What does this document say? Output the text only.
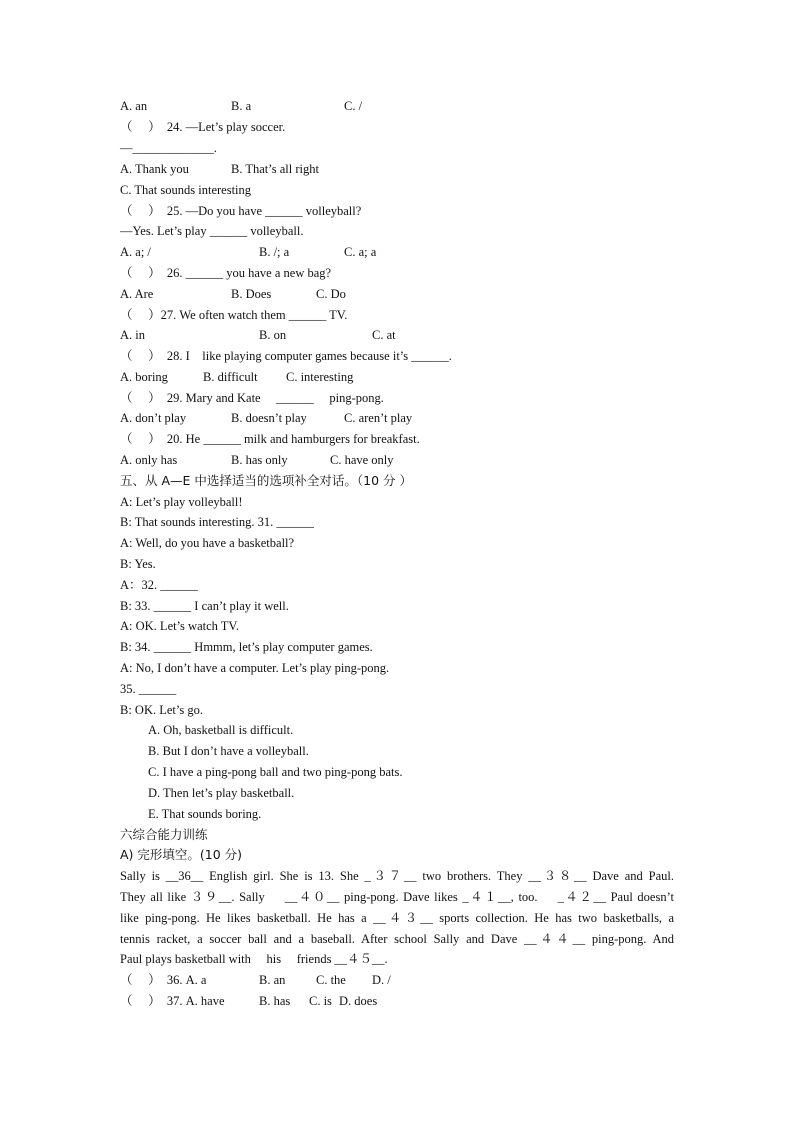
A. an	B. a	C. /
（　 ）　24. —Let’s play soccer.
—_____________.
A. Thank you	B. That’s all right
C. That sounds interesting
（　 ）　25. —Do you have ______ volleyball?
—Yes. Let’s play ______ volleyball.
A. a; /	B. /; a	C. a; a
（　 ）　26. ______ you have a new bag?
A. Are	B. Does	C. Do
（　 ）27. We often watch them ______ TV.
A. in	B. on	C. at
（　 ）　28. I　like playing computer games because it’s ______.
A. boring	B. difficult C. interesting
（　 ）　29. Mary and Kate　 ______　 ping-pong.
A. don’t play	B. doesn’t play	C. aren’t play
（　 ）　20. He ______ milk and hamburgers for breakfast.
A. only has	B. has only	C. have only
五、从 A—E 中选择适当的选项补全对话。（10 分 ）
A: Let’s play volleyball!
B: That sounds interesting. 31. ______
A: Well, do you have a basketball?
B: Yes.
A：32. ______
B: 33. ______ I can’t play it well.
A: OK. Let’s watch TV.
B: 34. ______ Hmmm, let’s play computer games.
A: No, I don’t have a computer. Let’s play ping-pong.
35. ______
B: OK. Let’s go.
A. Oh, basketball is difficult.
B. But I don’t have a volleyball.
C. I have a ping-pong ball and two ping-pong bats.
D. Then let’s play basketball.
E. That sounds boring.
六综合能力训练
A) 完形填空。(10 分)
Sally is __36__ English girl. She is 13. She _３７__ two brothers. They __３８__ Dave and Paul.
They all like ３９__. Sally　 __４０__ ping-pong. Dave likes _４１__, too.　 _４２__ Paul doesn’t
like ping-pong. He likes basketball. He has a __４３__ sports collection. He has two basketballs, a
tennis racket, a soccer ball and a baseball. After school Sally and Dave __４４__ ping-pong. And
Paul plays basketball with　 his　 friends __４５__.
（　 ）　36. A. a	B. an C. the D. /
（　 ）　37. A. have	B. has C. is D. does
